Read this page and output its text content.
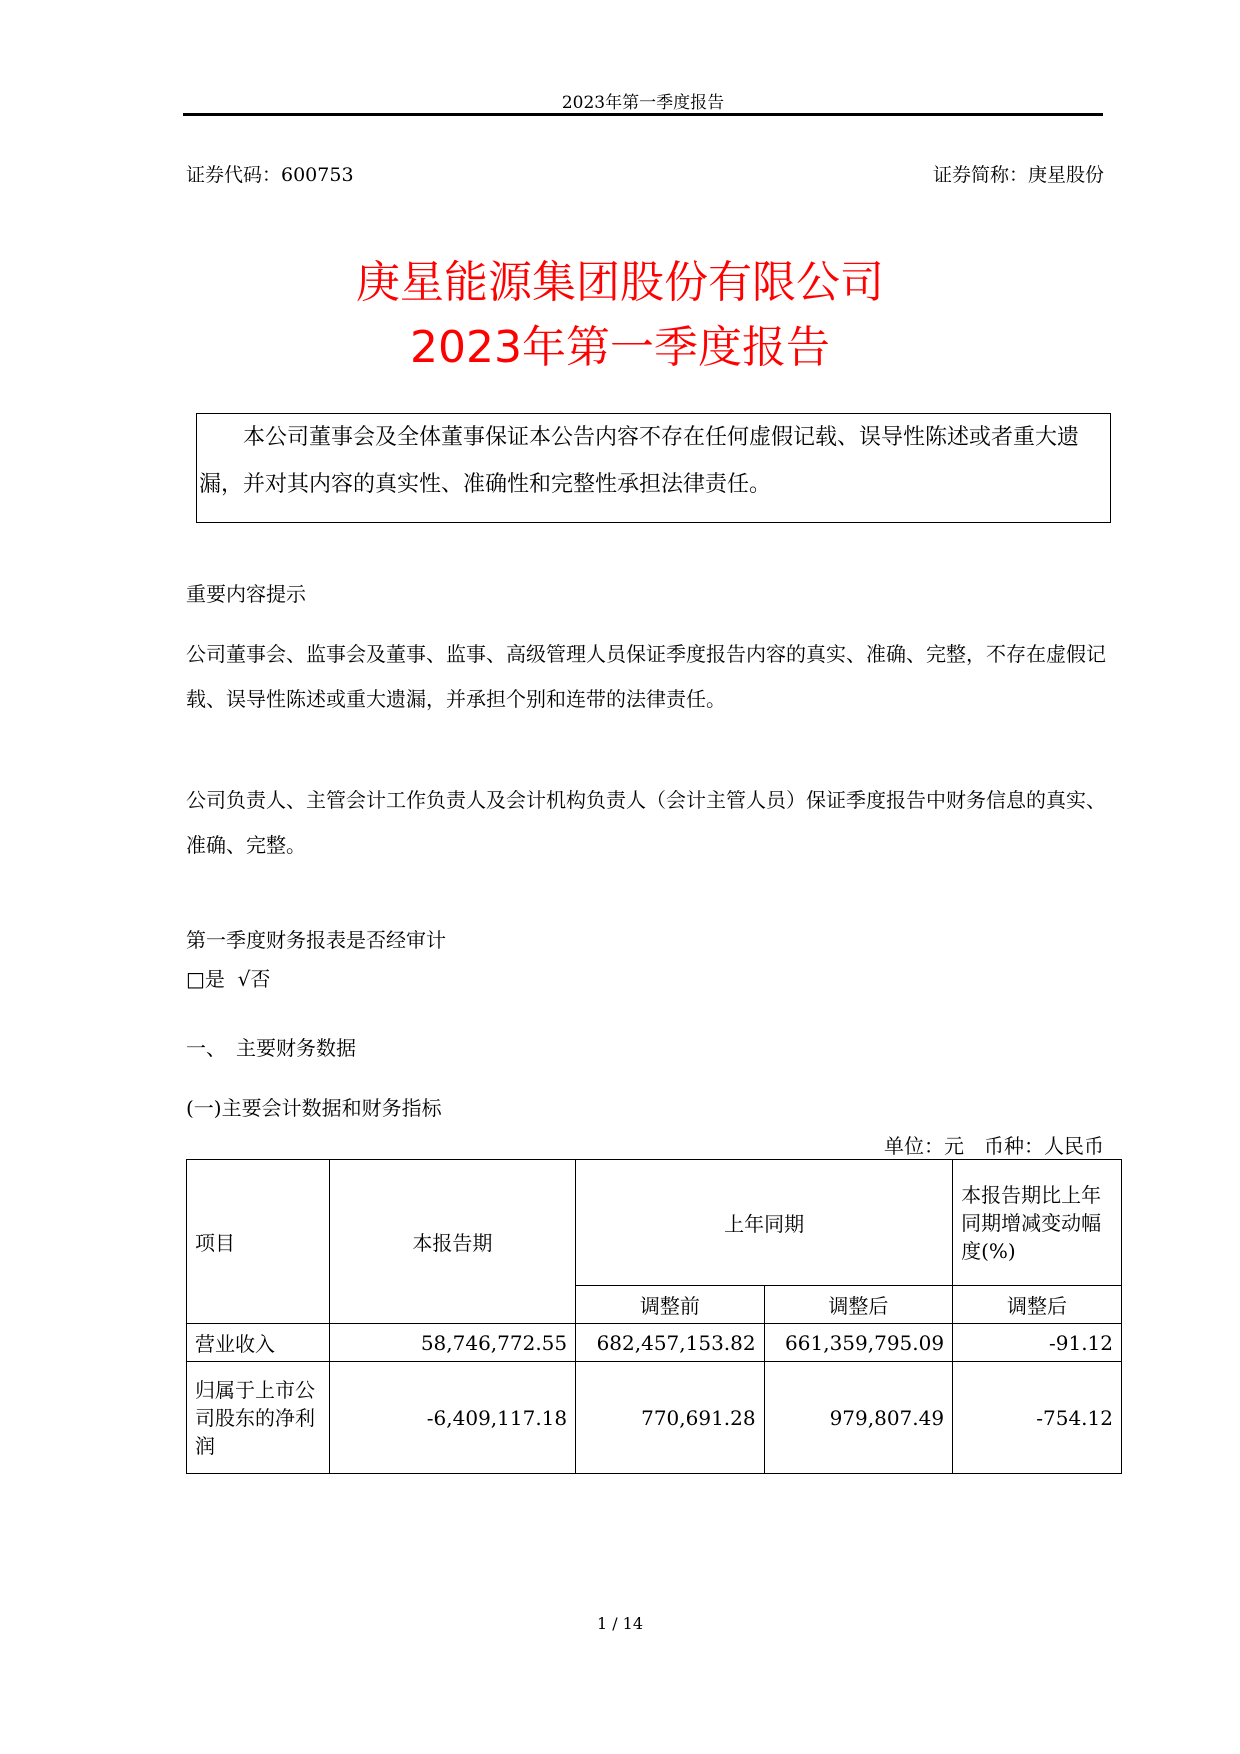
2023年第一季度报告
证券代码：600753	证券简称：庚星股份
庚星能源集团股份有限公司
2023年第一季度报告
　　本公司董事会及全体董事保证本公告内容不存在任何虚假记载、误导性陈述或者重大遗漏，并对其内容的真实性、准确性和完整性承担法律责任。
重要内容提示
公司董事会、监事会及董事、监事、高级管理人员保证季度报告内容的真实、准确、完整，不存在虚假记载、误导性陈述或重大遗漏，并承担个别和连带的法律责任。
公司负责人、主管会计工作负责人及会计机构负责人（会计主管人员）保证季度报告中财务信息的真实、准确、完整。
第一季度财务报表是否经审计
□是  √否
一、　主要财务数据
(一)主要会计数据和财务指标
单位：元　币种：人民币
项目	本报告期	上年同期		本报告期比上年同期增减变动幅度(%)
		调整前	调整后	调整后
营业收入	58,746,772.55	682,457,153.82	661,359,795.09	-91.12
归属于上市公司股东的净利润	-6,409,117.18	770,691.28	979,807.49	-754.12
1 / 14
